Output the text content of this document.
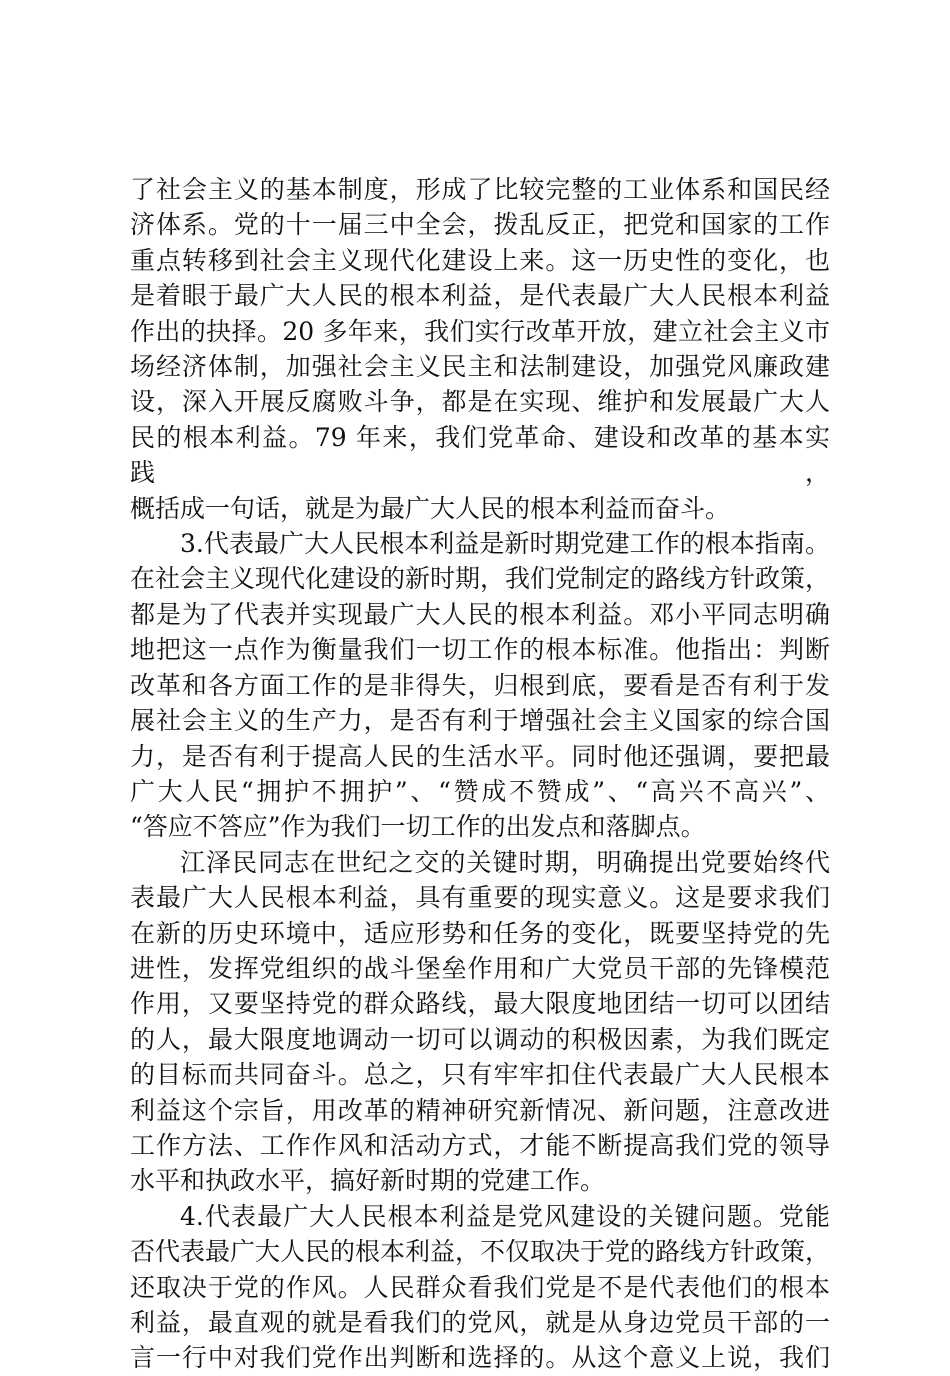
了社会主义的基本制度，形成了比较完整的工业体系和国民经

济体系。党的十一届三中全会，拨乱反正，把党和国家的工作

重点转移到社会主义现代化建设上来。这一历史性的变化，也

是着眼于最广大人民的根本利益，是代表最广大人民根本利益

作出的抉择。20 多年来，我们实行改革开放，建立社会主义市

场经济体制，加强社会主义民主和法制建设，加强党风廉政建

设，深入开展反腐败斗争，都是在实现、维护和发展最广大人

民的根本利益。79 年来，我们党革命、建设和改革的基本实践，

概括成一句话，就是为最广大人民的根本利益而奋斗。

3.代表最广大人民根本利益是新时期党建工作的根本指南。

在社会主义现代化建设的新时期，我们党制定的路线方针政策，

都是为了代表并实现最广大人民的根本利益。邓小平同志明确

地把这一点作为衡量我们一切工作的根本标准。他指出：判断

改革和各方面工作的是非得失，归根到底，要看是否有利于发

展社会主义的生产力，是否有利于增强社会主义国家的综合国

力，是否有利于提高人民的生活水平。同时他还强调，要把最

广大人民“拥护不拥护”、“赞成不赞成”、“高兴不高兴”、

“答应不答应”作为我们一切工作的出发点和落脚点。

江泽民同志在世纪之交的关键时期，明确提出党要始终代

表最广大人民根本利益，具有重要的现实意义。这是要求我们

在新的历史环境中，适应形势和任务的变化，既要坚持党的先

进性，发挥党组织的战斗堡垒作用和广大党员干部的先锋模范

作用，又要坚持党的群众路线，最大限度地团结一切可以团结

的人，最大限度地调动一切可以调动的积极因素，为我们既定

的目标而共同奋斗。总之，只有牢牢扣住代表最广大人民根本

利益这个宗旨，用改革的精神研究新情况、新问题，注意改进

工作方法、工作作风和活动方式，才能不断提高我们党的领导

水平和执政水平，搞好新时期的党建工作。

4.代表最广大人民根本利益是党风建设的关键问题。党能

否代表最广大人民的根本利益，不仅取决于党的路线方针政策，

还取决于党的作风。人民群众看我们党是不是代表他们的根本

利益，最直观的就是看我们的党风，就是从身边党员干部的一

言一行中对我们党作出判断和选择的。从这个意义上说，我们
